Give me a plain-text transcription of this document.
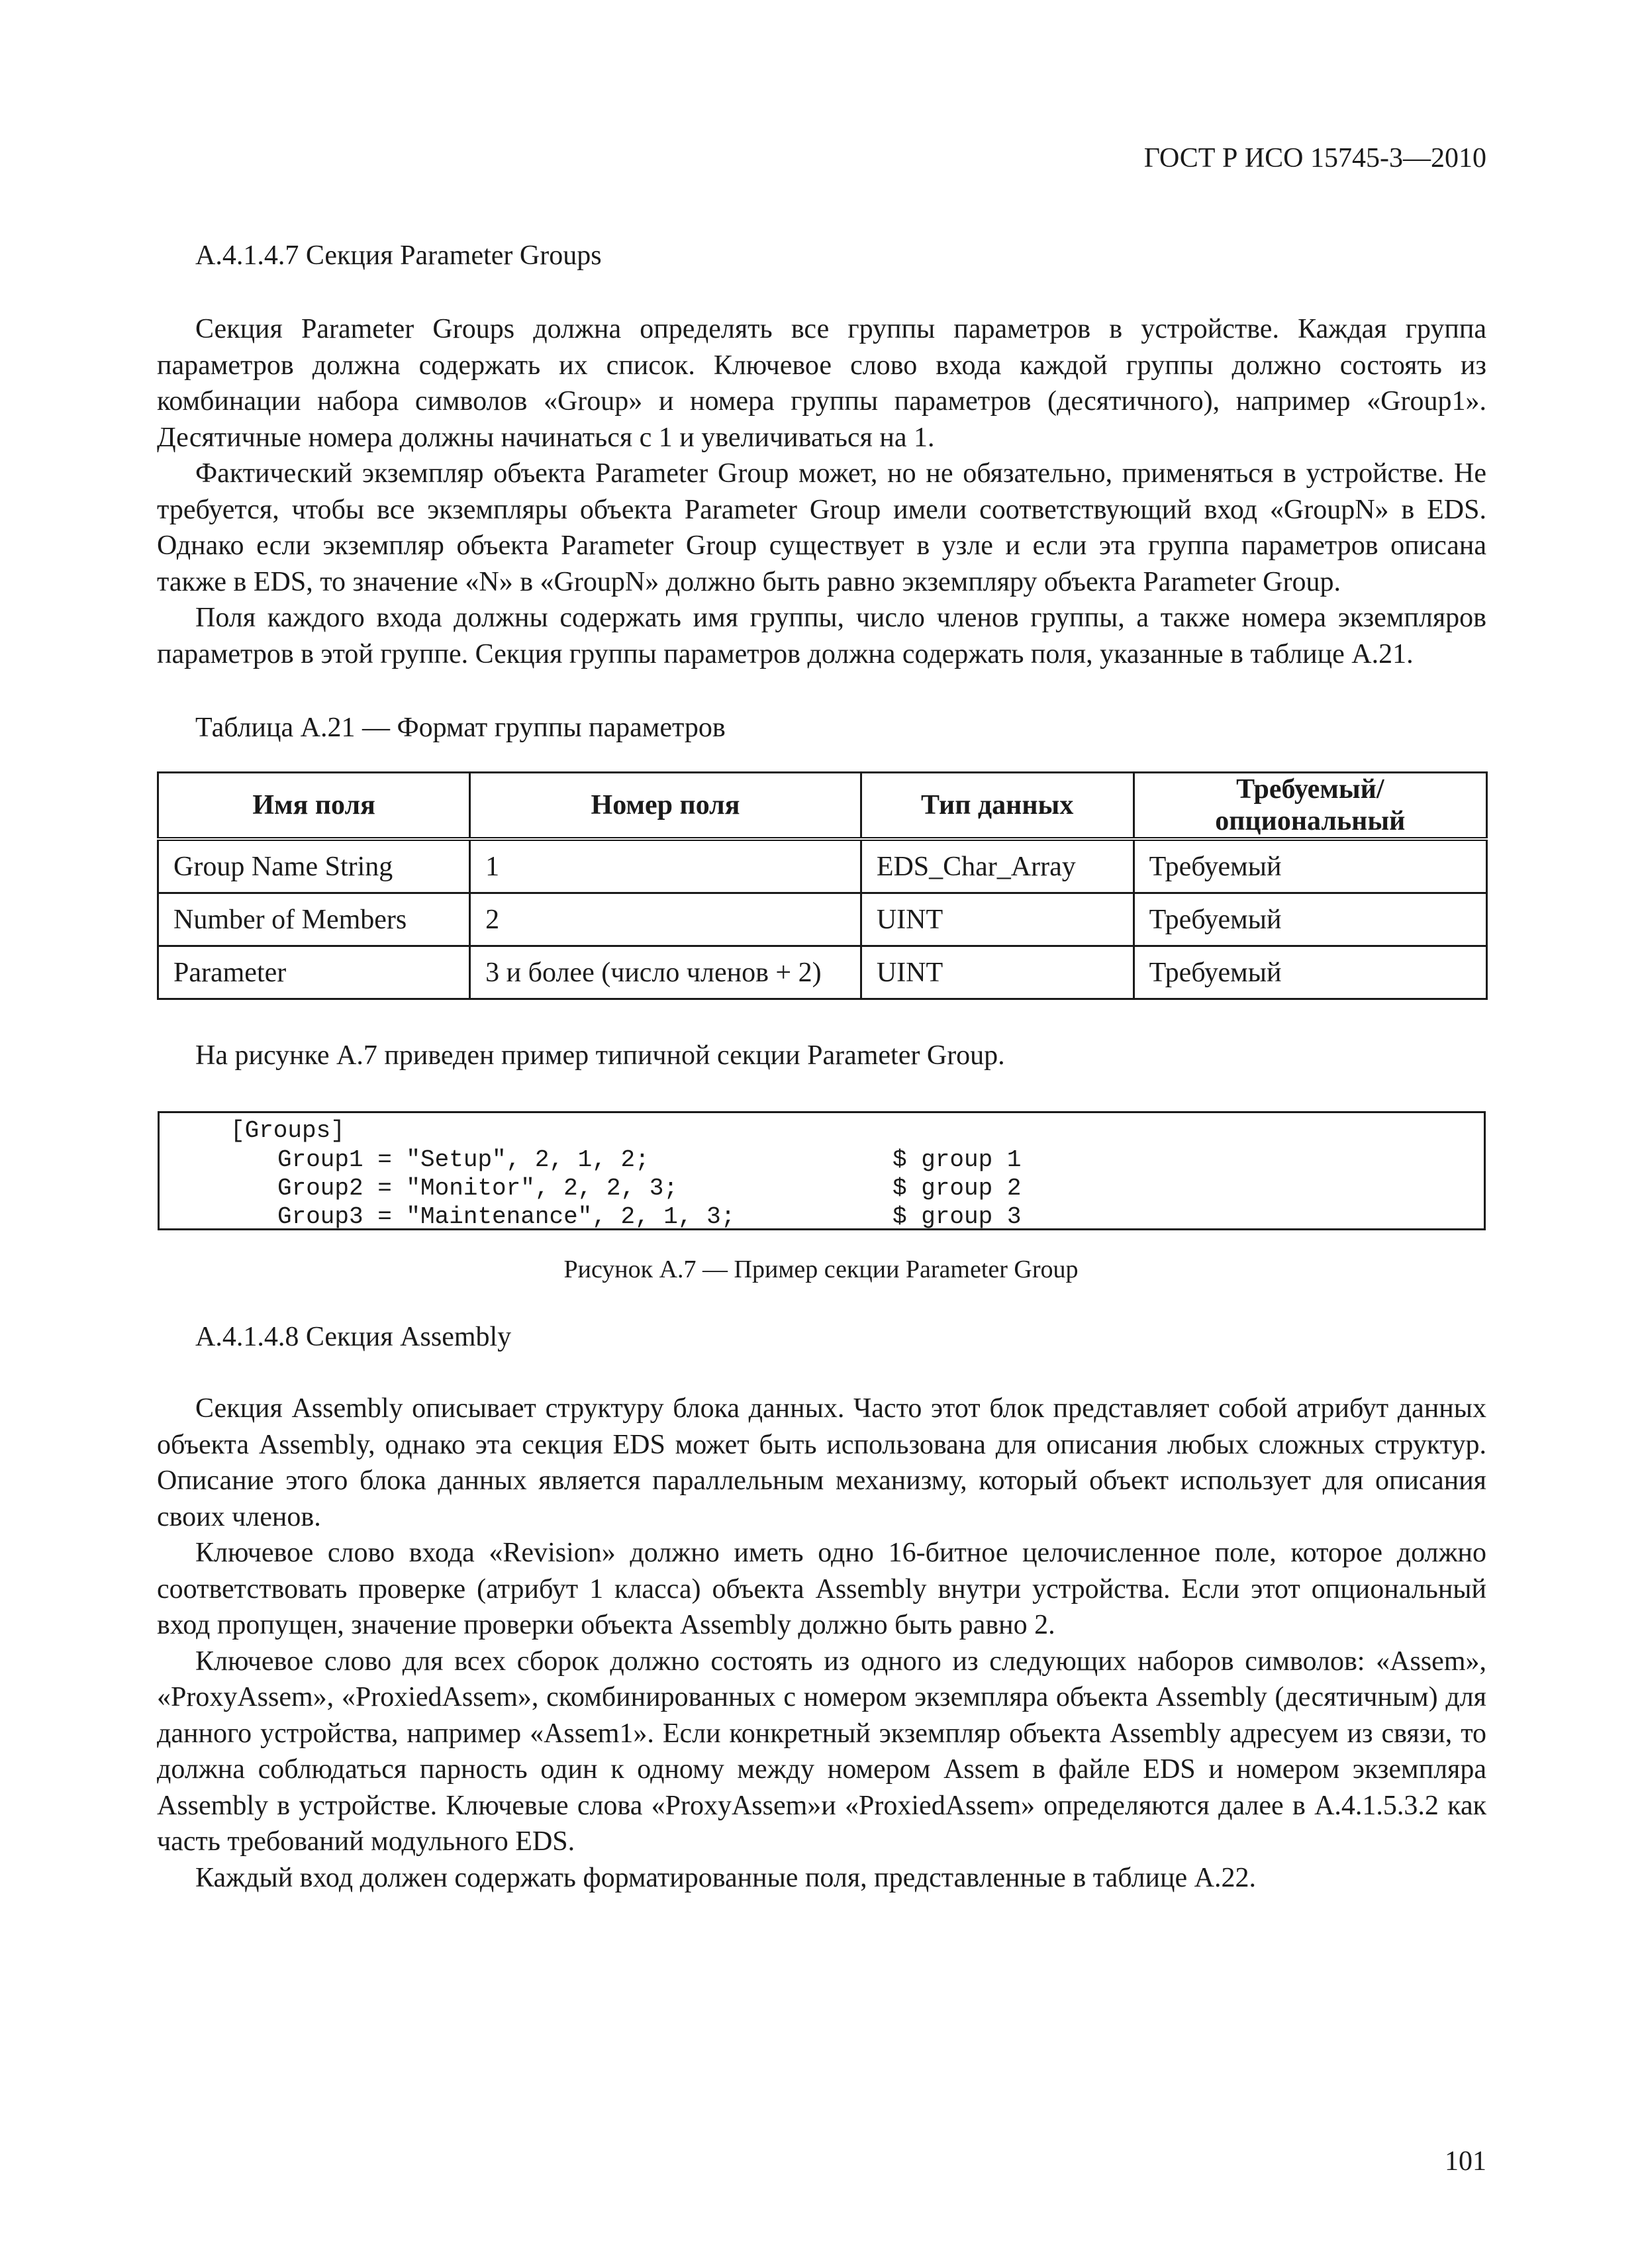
ГОСТ Р ИСО 15745-3—2010
А.4.1.4.7 Секция Parameter Groups

Секция Parameter Groups должна определять все группы параметров в устройстве. Каждая группа параметров должна содержать их список. Ключевое слово входа каждой группы должно состоять из комбинации набора символов «Group» и номера группы параметров (десятичного), например «Group1». Десятичные номера должны начинаться с 1 и увеличиваться на 1.

Фактический экземпляр объекта Parameter Group может, но не обязательно, применяться в устройстве. Не требуется, чтобы все экземпляры объекта Parameter Group имели соответствующий вход «GroupN» в EDS. Однако если экземпляр объекта Parameter Group существует в узле и если эта группа параметров описана также в EDS, то значение «N» в «GroupN» должно быть равно экземпляру объекта Parameter Group.

Поля каждого входа должны содержать имя группы, число членов группы, а также номера экземпляров параметров в этой группе. Секция группы параметров должна содержать поля, указанные в таблице А.21.

Таблица А.21 — Формат группы параметров
Имя поля	Номер поля	Тип данных	Требуемый/опциональный
Group Name String	1	EDS_Char_Array	Требуемый
Number of Members	2	UINT	Требуемый
Parameter	3 и более (число членов + 2)	UINT	Требуемый
На рисунке А.7 приведен пример типичной секции Parameter Group.
[Groups]
Group1 = "Setup", 2, 1, 2;	$ group 1
Group2 = "Monitor", 2, 2, 3;	$ group 2
Group3 = "Maintenance", 2, 1, 3;	$ group 3
Рисунок А.7 — Пример секции Parameter Group
А.4.1.4.8 Секция Assembly

Секция Assembly описывает структуру блока данных. Часто этот блок представляет собой атрибут данных объекта Assembly, однако эта секция EDS может быть использована для описания любых сложных структур. Описание этого блока данных является параллельным механизму, который объект использует для описания своих членов.

Ключевое слово входа «Revision» должно иметь одно 16-битное целочисленное поле, которое должно соответствовать проверке (атрибут 1 класса) объекта Assembly внутри устройства. Если этот опциональный вход пропущен, значение проверки объекта Assembly должно быть равно 2.

Ключевое слово для всех сборок должно состоять из одного из следующих наборов символов: «Assem», «ProxyAssem», «ProxiedAssem», скомбинированных с номером экземпляра объекта Assembly (десятичным) для данного устройства, например «Assem1». Если конкретный экземпляр объекта Assembly адресуем из связи, то должна соблюдаться парность один к одному между номером Assem в файле EDS и номером экземпляра Assembly в устройстве. Ключевые слова «ProxyAssem»и «ProxiedAssem» определяются далее в А.4.1.5.3.2 как часть требований модульного EDS.

Каждый вход должен содержать форматированные поля, представленные в таблице А.22.

101
